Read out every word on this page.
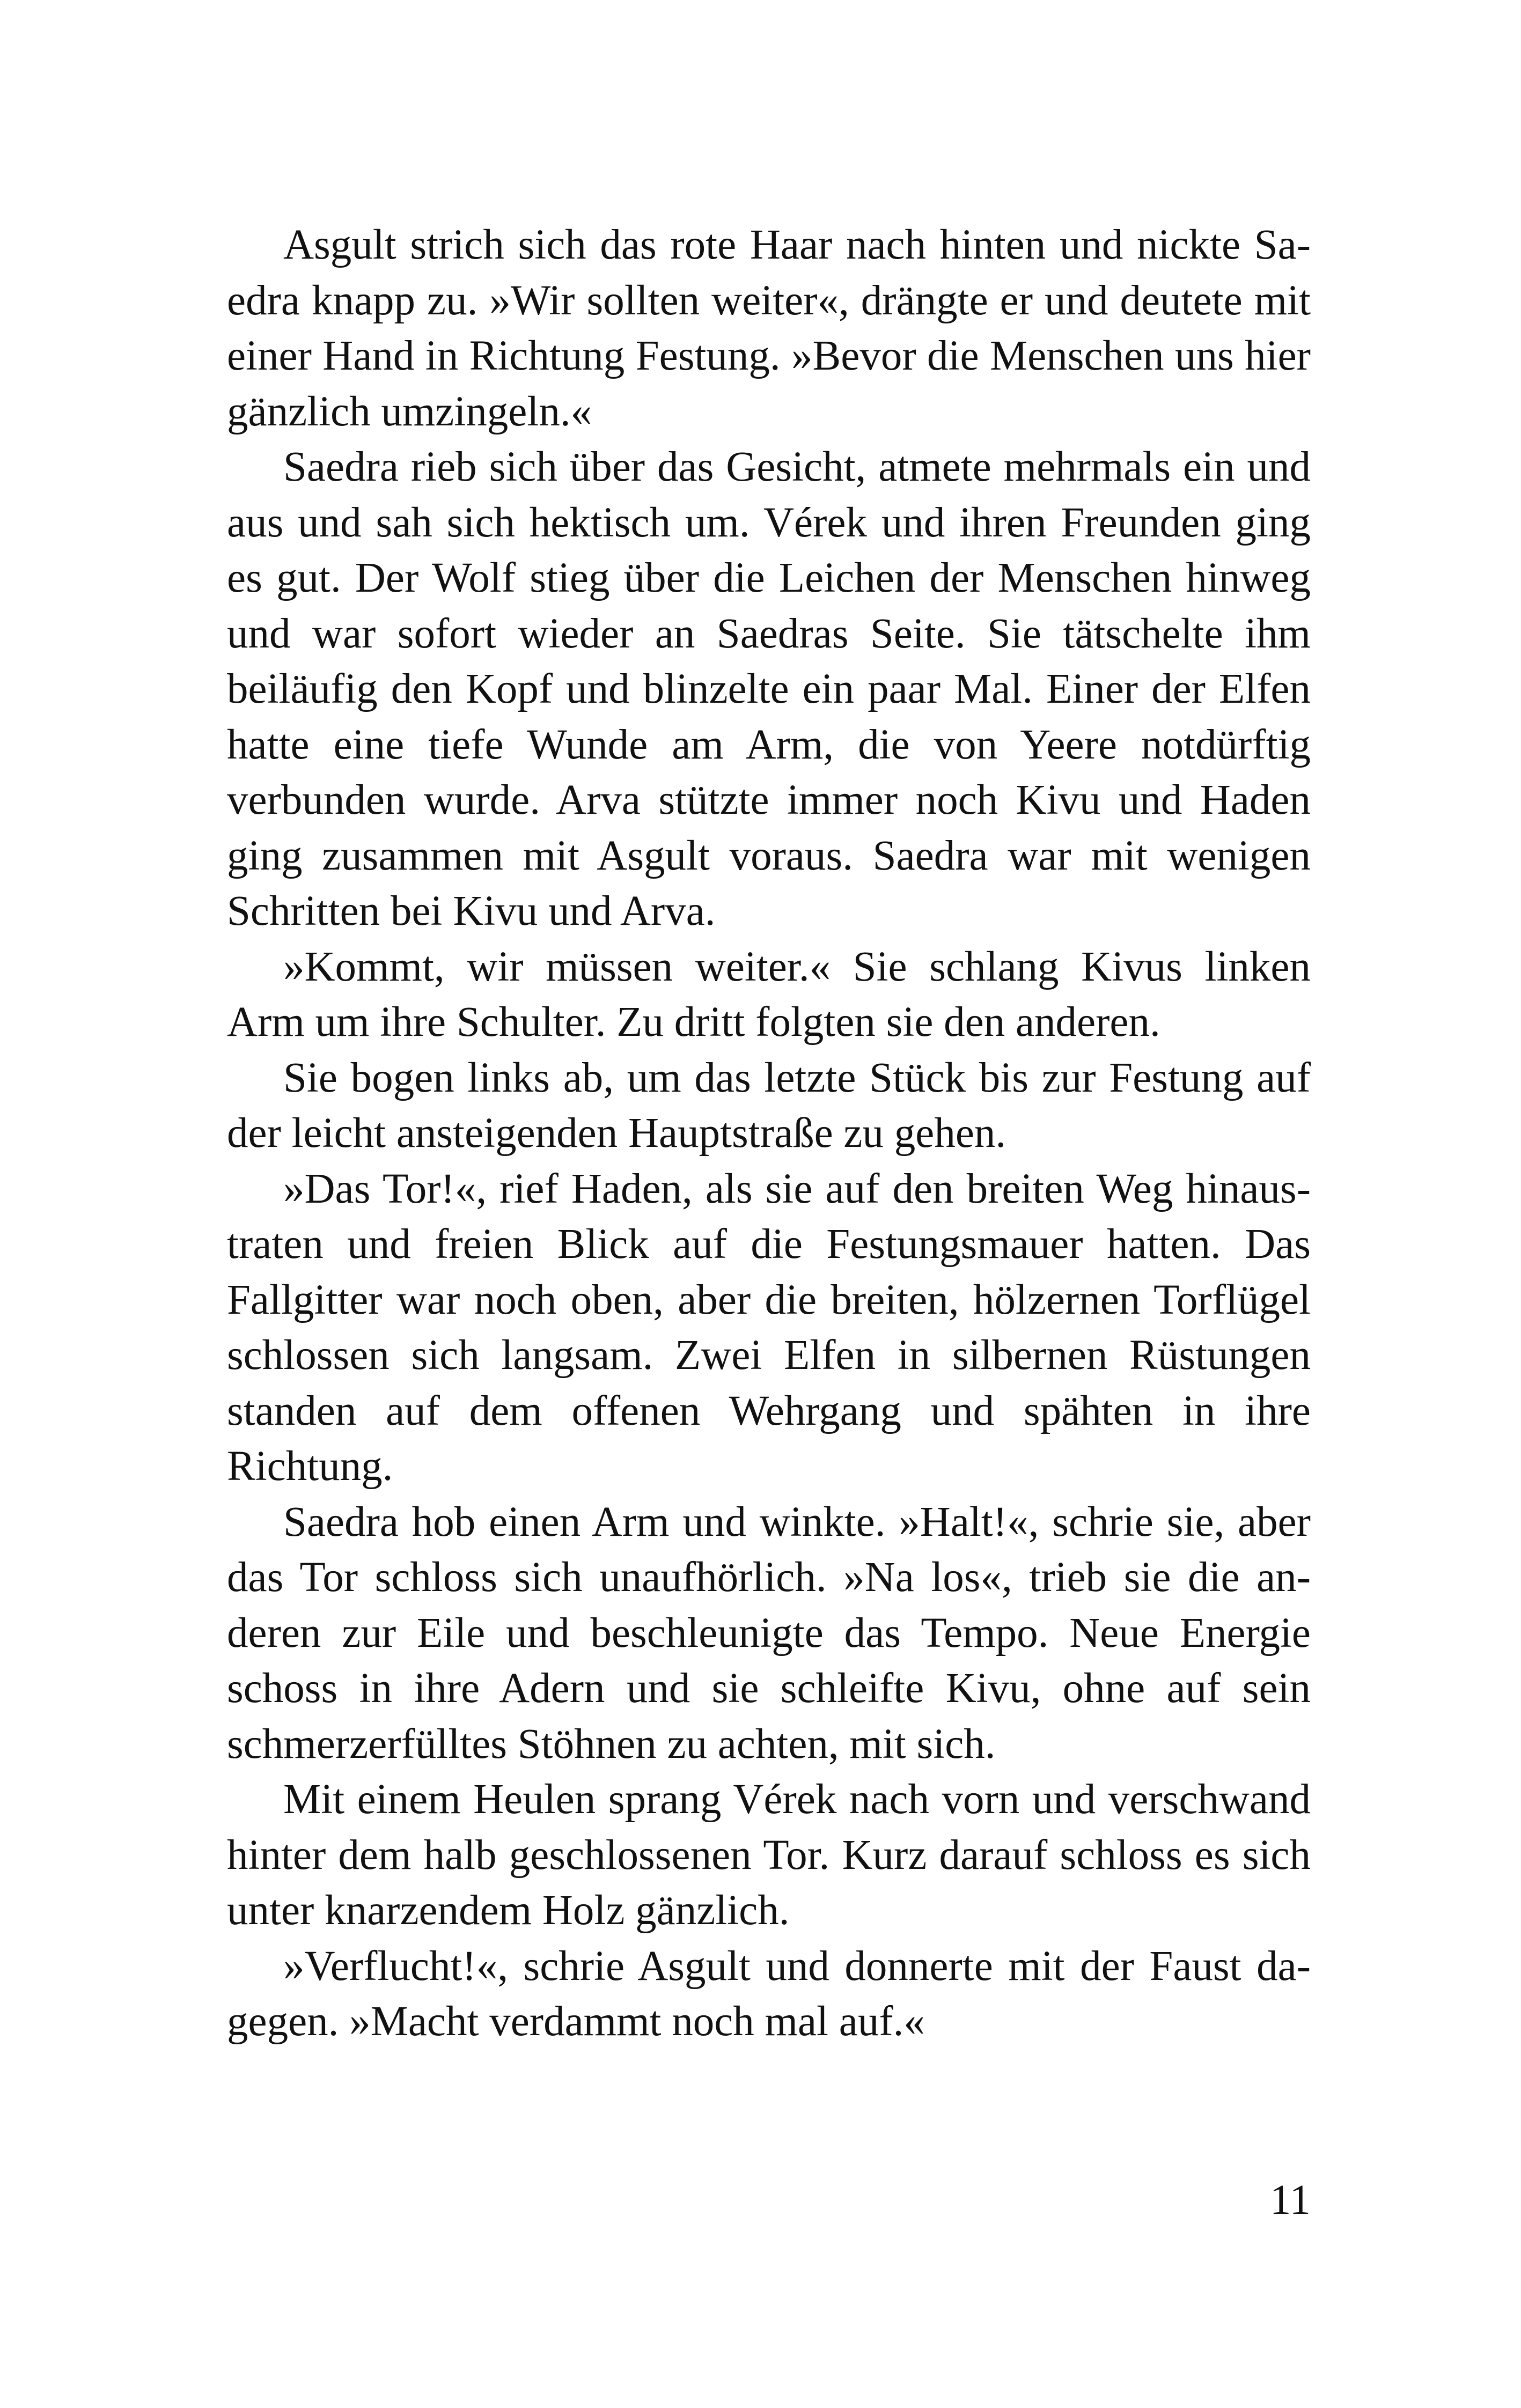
Asgult strich sich das rote Haar nach hinten und nickte Saedra knapp zu. »Wir sollten weiter«, drängte er und deutete mit einer Hand in Richtung Festung. »Bevor die Menschen uns hier gänzlich umzingeln.«

Saedra rieb sich über das Gesicht, atmete mehrmals ein und aus und sah sich hektisch um. Vérek und ihren Freunden ging es gut. Der Wolf stieg über die Leichen der Menschen hinweg und war sofort wieder an Saedras Seite. Sie tätschelte ihm beiläufig den Kopf und blinzelte ein paar Mal. Einer der Elfen hatte eine tiefe Wunde am Arm, die von Yeere notdürftig verbunden wurde. Arva stützte immer noch Kivu und Haden ging zusammen mit Asgult voraus. Saedra war mit wenigen Schritten bei Kivu und Arva.

»Kommt, wir müssen weiter.« Sie schlang Kivus linken Arm um ihre Schulter. Zu dritt folgten sie den anderen.

Sie bogen links ab, um das letzte Stück bis zur Festung auf der leicht ansteigenden Hauptstraße zu gehen.

»Das Tor!«, rief Haden, als sie auf den breiten Weg hinaustraten und freien Blick auf die Festungsmauer hatten. Das Fallgitter war noch oben, aber die breiten, hölzernen Torflügel schlossen sich langsam. Zwei Elfen in silbernen Rüstungen standen auf dem offenen Wehrgang und spähten in ihre Richtung.

Saedra hob einen Arm und winkte. »Halt!«, schrie sie, aber das Tor schloss sich unaufhörlich. »Na los«, trieb sie die anderen zur Eile und beschleunigte das Tempo. Neue Energie schoss in ihre Adern und sie schleifte Kivu, ohne auf sein schmerzerfülltes Stöhnen zu achten, mit sich.

Mit einem Heulen sprang Vérek nach vorn und verschwand hinter dem halb geschlossenen Tor. Kurz darauf schloss es sich unter knarzendem Holz gänzlich.

»Verflucht!«, schrie Asgult und donnerte mit der Faust dagegen. »Macht verdammt noch mal auf.«

11
